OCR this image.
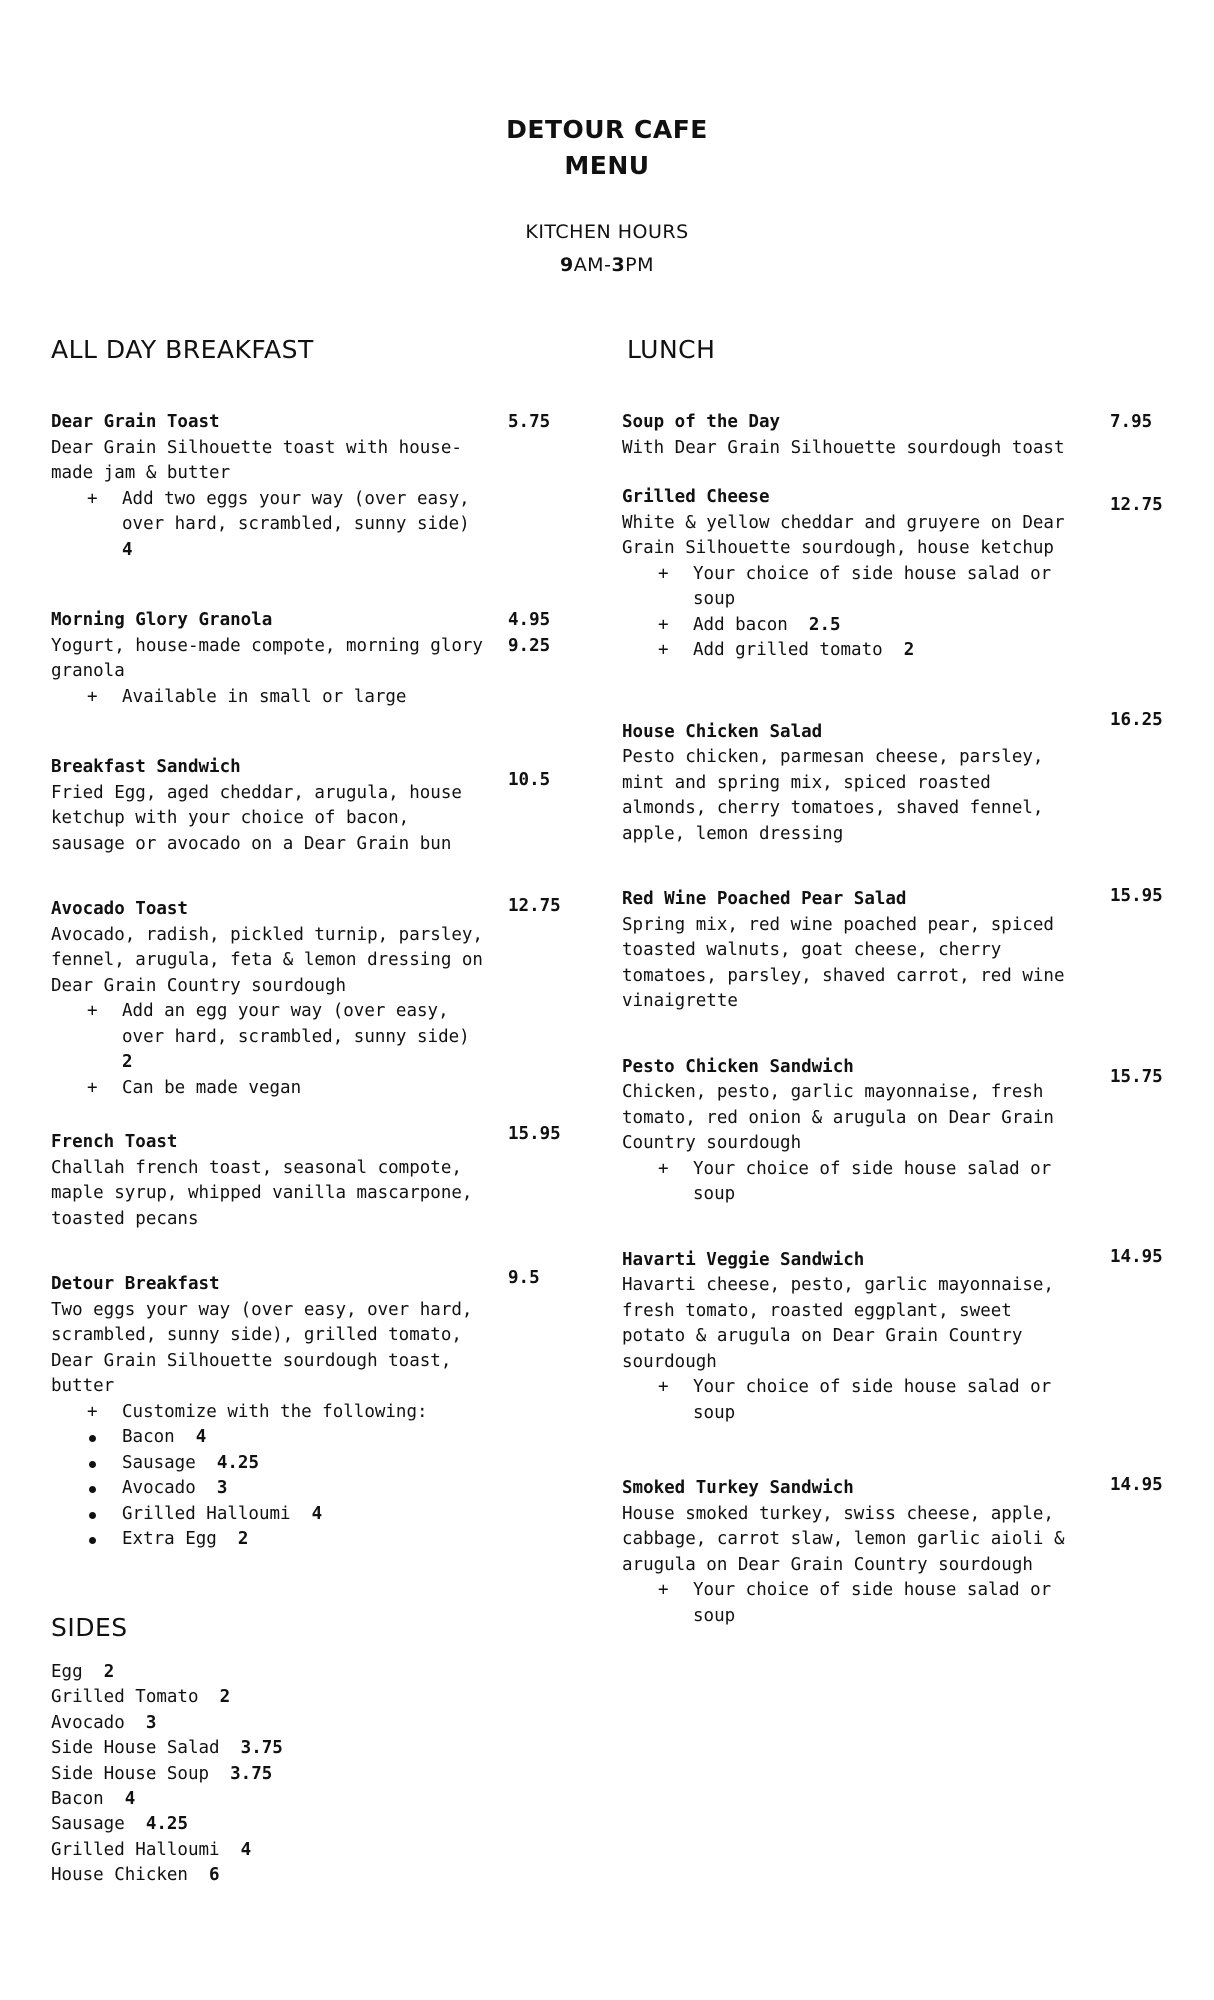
DETOUR CAFE
MENU
KITCHEN HOURS
9AM-3PM
ALL DAY BREAKFAST
5.75
Dear Grain Toast
Dear Grain Silhouette toast with house-made jam & butter
+ Add two eggs your way (over easy, over hard, scrambled, sunny side)
4
4.95
9.25
Morning Glory Granola
Yogurt, house-made compote, morning glory granola
+ Available in small or large
10.5
Breakfast Sandwich
Fried Egg, aged cheddar, arugula, house ketchup with your choice of bacon, sausage or avocado on a Dear Grain bun
12.75
Avocado Toast
Avocado, radish, pickled turnip, parsley, fennel, arugula, feta & lemon dressing on Dear Grain Country sourdough
+ Add an egg your way (over easy, over hard, scrambled, sunny side)
2
+ Can be made vegan
15.95
French Toast
Challah french toast, seasonal compote, maple syrup, whipped vanilla mascarpone, toasted pecans
9.5
Detour Breakfast
Two eggs your way (over easy, over hard, scrambled, sunny side), grilled tomato, Dear Grain Silhouette sourdough toast, butter
+ Customize with the following:
Bacon 4
Sausage 4.25
Avocado 3
Grilled Halloumi 4
Extra Egg 2
LUNCH
7.95
Soup of the Day
With Dear Grain Silhouette sourdough toast
12.75
Grilled Cheese
White & yellow cheddar and gruyere on Dear Grain Silhouette sourdough, house ketchup
+ Your choice of side house salad or soup
+ Add bacon 2.5
+ Add grilled tomato 2
16.25
House Chicken Salad
Pesto chicken, parmesan cheese, parsley, mint and spring mix, spiced roasted almonds, cherry tomatoes, shaved fennel, apple, lemon dressing
15.95
Red Wine Poached Pear Salad
Spring mix, red wine poached pear, spiced toasted walnuts, goat cheese, cherry tomatoes, parsley, shaved carrot, red wine vinaigrette
15.75
Pesto Chicken Sandwich
Chicken, pesto, garlic mayonnaise, fresh tomato, red onion & arugula on Dear Grain Country sourdough
+ Your choice of side house salad or soup
14.95
Havarti Veggie Sandwich
Havarti cheese, pesto, garlic mayonnaise, fresh tomato, roasted eggplant, sweet potato & arugula on Dear Grain Country sourdough
+ Your choice of side house salad or soup
14.95
Smoked Turkey Sandwich
House smoked turkey, swiss cheese, apple, cabbage, carrot slaw, lemon garlic aioli & arugula on Dear Grain Country sourdough
+ Your choice of side house salad or soup
SIDES
Egg 2
Grilled Tomato 2
Avocado 3
Side House Salad 3.75
Side House Soup 3.75
Bacon 4
Sausage 4.25
Grilled Halloumi 4
House Chicken 6
